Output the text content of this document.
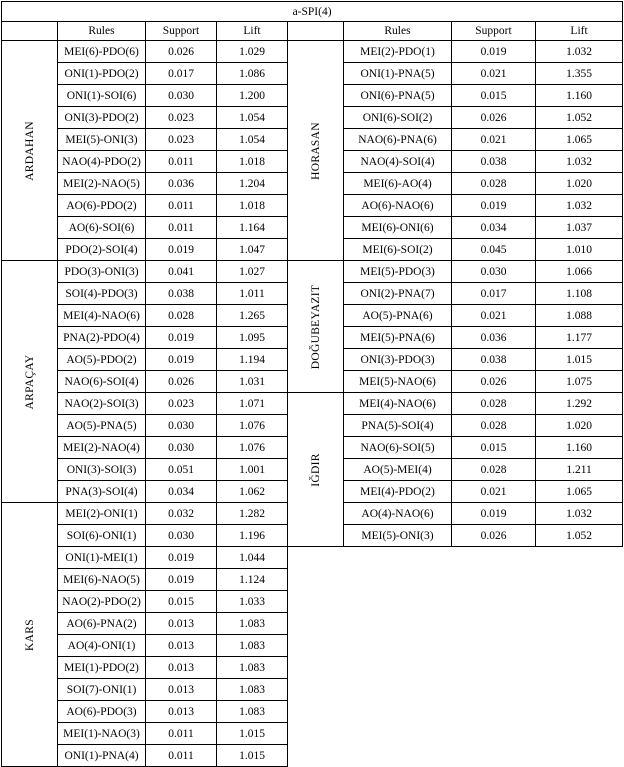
a-SPI(4)							
	Rules	Support	Lift		Rules	Support	Lift

ARDAHAN	MEI(6)-PDO(6)	0.026	1.029	HORASAN	MEI(2)-PDO(1)	0.019	1.032
	ONI(1)-PDO(2)	0.017	1.086		ONI(1)-PNA(5)	0.021	1.355
	ONI(1)-SOI(6)	0.030	1.200		ONI(6)-PNA(5)	0.015	1.160
	ONI(3)-PDO(2)	0.023	1.054		ONI(6)-SOI(2)	0.026	1.052
	MEI(5)-ONI(3)	0.023	1.054		NAO(6)-PNA(6)	0.021	1.065
	NAO(4)-PDO(2)	0.011	1.018		NAO(4)-SOI(4)	0.038	1.032
	MEI(2)-NAO(5)	0.036	1.204		MEI(6)-AO(4)	0.028	1.020
	AO(6)-PDO(2)	0.011	1.018		AO(6)-NAO(6)	0.019	1.032
	AO(6)-SOI(6)	0.011	1.164		MEI(6)-ONI(6)	0.034	1.037
	PDO(2)-SOI(4)	0.019	1.047		MEI(6)-SOI(2)	0.045	1.010

ARPAÇAY	PDO(3)-ONI(3)	0.041	1.027	DOĞUBEYAZIT	MEI(5)-PDO(3)	0.030	1.066
	SOI(4)-PDO(3)	0.038	1.011		ONI(2)-PNA(7)	0.017	1.108
	MEI(4)-NAO(6)	0.028	1.265		AO(5)-PNA(6)	0.021	1.088
	PNA(2)-PDO(4)	0.019	1.095		MEI(5)-PNA(6)	0.036	1.177
	AO(5)-PDO(2)	0.019	1.194		ONI(3)-PDO(3)	0.038	1.015
	NAO(6)-SOI(4)	0.026	1.031		MEI(5)-NAO(6)	0.026	1.075
	NAO(2)-SOI(3)	0.023	1.071	IĞDIR	MEI(4)-NAO(6)	0.028	1.292
	AO(5)-PNA(5)	0.030	1.076		PNA(5)-SOI(4)	0.028	1.020
	MEI(2)-NAO(4)	0.030	1.076		NAO(6)-SOI(5)	0.015	1.160
	ONI(3)-SOI(3)	0.051	1.001		AO(5)-MEI(4)	0.028	1.211
	PNA(3)-SOI(4)	0.034	1.062		MEI(4)-PDO(2)	0.021	1.065

KARS	MEI(2)-ONI(1)	0.032	1.282		AO(4)-NAO(6)	0.019	1.032
	SOI(6)-ONI(1)	0.030	1.196		MEI(5)-ONI(3)	0.026	1.052
	ONI(1)-MEI(1)	0.019	1.044				
	MEI(6)-NAO(5)	0.019	1.124				
	NAO(2)-PDO(2)	0.015	1.033				
	AO(6)-PNA(2)	0.013	1.083				
	AO(4)-ONI(1)	0.013	1.083				
	MEI(1)-PDO(2)	0.013	1.083				
	SOI(7)-ONI(1)	0.013	1.083				
	AO(6)-PDO(3)	0.013	1.083				
	MEI(1)-NAO(3)	0.011	1.015				
	ONI(1)-PNA(4)	0.011	1.015				
